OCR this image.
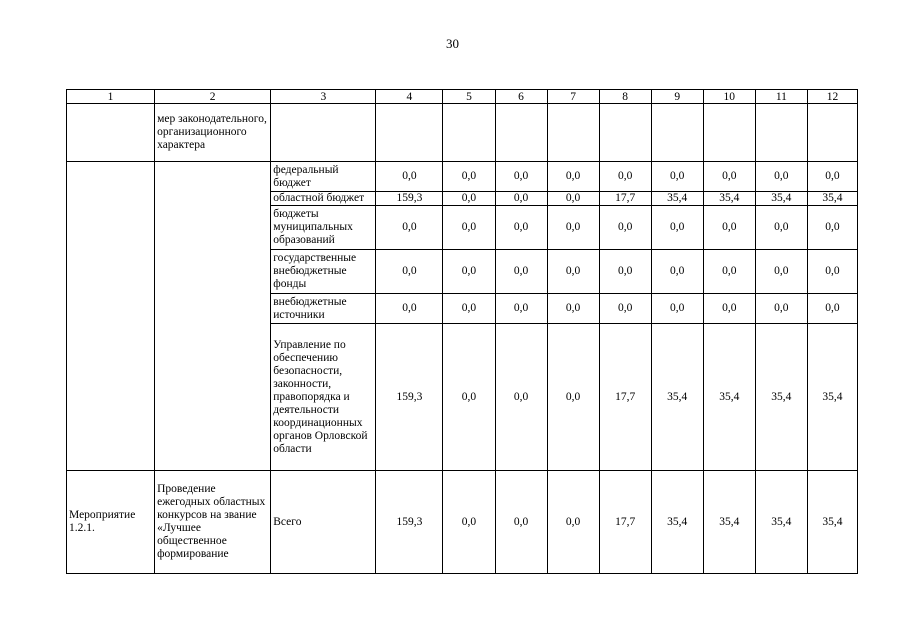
30
1	2	3	4	5	6	7	8	9	10	11	12
	мер законодательного, организационного характера										
		федеральный бюджет	0,0	0,0	0,0	0,0	0,0	0,0	0,0	0,0	0,0
		областной бюджет	159,3	0,0	0,0	0,0	17,7	35,4	35,4	35,4	35,4
		бюджеты муниципальных образований	0,0	0,0	0,0	0,0	0,0	0,0	0,0	0,0	0,0
		государственные внебюджетные фонды	0,0	0,0	0,0	0,0	0,0	0,0	0,0	0,0	0,0
		внебюджетные источники	0,0	0,0	0,0	0,0	0,0	0,0	0,0	0,0	0,0
		Управление по обеспечению безопасности, законности, правопорядка и деятельности координационных органов Орловской области	159,3	0,0	0,0	0,0	17,7	35,4	35,4	35,4	35,4
Мероприятие 1.2.1.	Проведение ежегодных областных конкурсов на звание «Лучшее общественное формирование	Всего	159,3	0,0	0,0	0,0	17,7	35,4	35,4	35,4	35,4
